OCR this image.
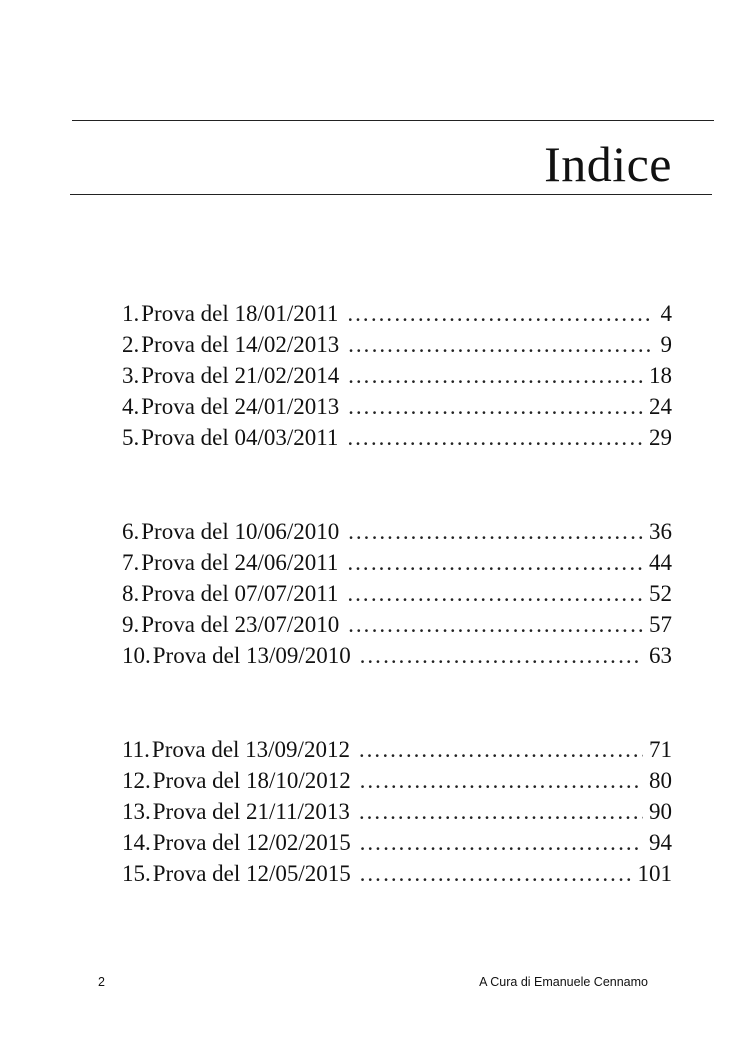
Indice
1. Prova del 18/01/2011 ……………………………………………………………………………………………………………	4
2. Prova del 14/02/2013 ……………………………………………………………………………………………………………	9
3. Prova del 21/02/2014 ……………………………………………………………………………………………………………	18
4. Prova del 24/01/2013 ……………………………………………………………………………………………………………	24
5. Prova del 04/03/2011 ……………………………………………………………………………………………………………	29
6. Prova del 10/06/2010 ……………………………………………………………………………………………………………	36
7. Prova del 24/06/2011 ……………………………………………………………………………………………………………	44
8. Prova del 07/07/2011 ……………………………………………………………………………………………………………	52
9. Prova del 23/07/2010 ……………………………………………………………………………………………………………	57
10. Prova del 13/09/2010 ……………………………………………………………………………………………………………	63
11. Prova del 13/09/2012 ……………………………………………………………………………………………………………	71
12. Prova del 18/10/2012 ……………………………………………………………………………………………………………	80
13. Prova del 21/11/2013 ……………………………………………………………………………………………………………	90
14. Prova del 12/02/2015 ……………………………………………………………………………………………………………	94
15. Prova del 12/05/2015 ……………………………………………………………………………………………………………	101
2	A Cura di Emanuele Cennamo
